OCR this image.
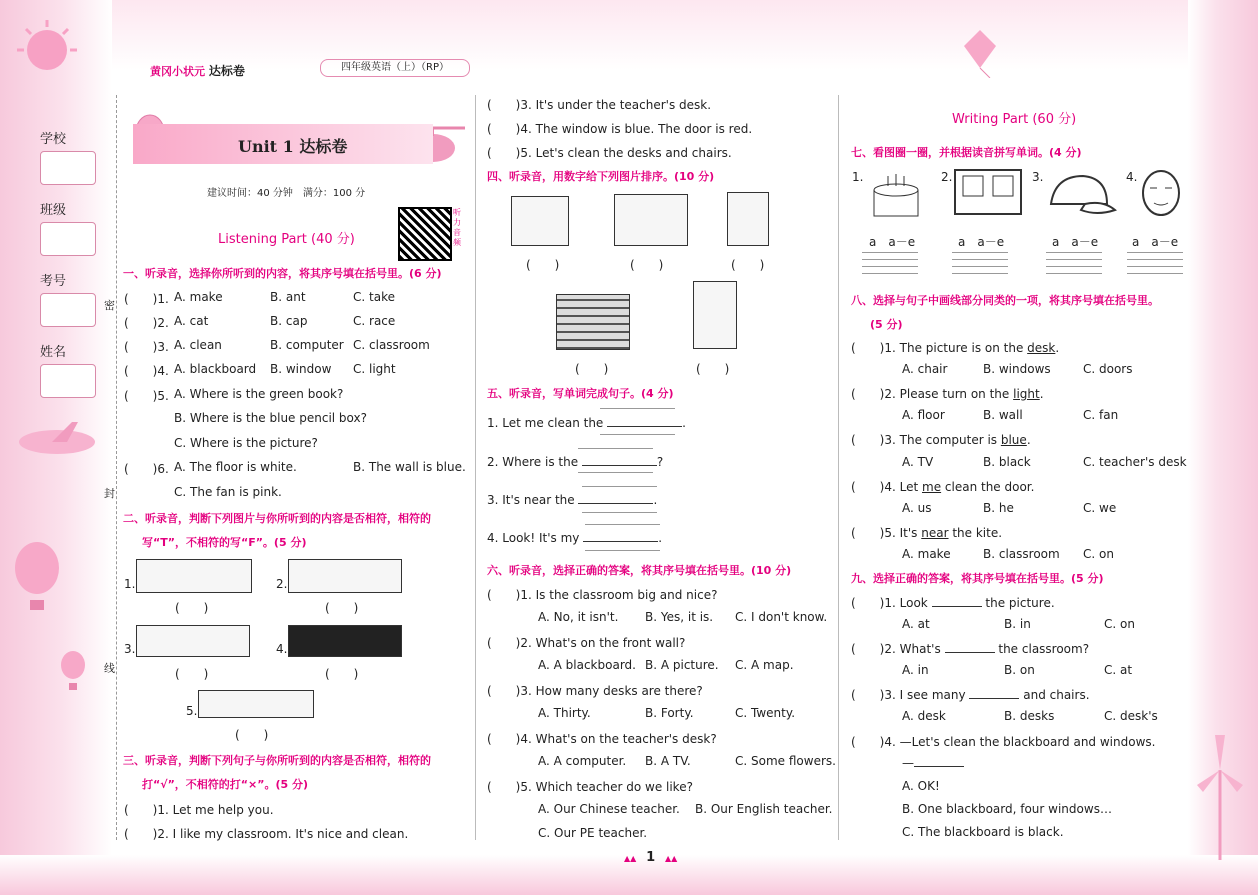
黄冈小状元 达标卷	四年级英语（上）（RP）
学校
班级
考号
姓名
密
封
线
Unit 1 达标卷
建议时间：40 分钟　满分：100 分
Listening Part (40 分)
听力音频
一、听录音，选择你所听到的内容，将其序号填在括号里。(6 分)
(　　)1. A. make	B. ant	C. take
(　　)2. A. cat	B. cap	C. race
(　　)3. A. clean	B. computer C. classroom
(　　)4. A. blackboard B. window C. light
(　　)5. A. Where is the green book?
B. Where is the blue pencil box?
C. Where is the picture?
(　　)6. A. The floor is white.	B. The wall is blue.
C. The fan is pink.
二、听录音，判断下列图片与你所听到的内容是否相符，相符的
写“T”，不相符的写“F”。(5 分)
1.
(　　)
2.
(　　)
3.
(　　)
4.
(　　)
5.
(　　)
三、听录音，判断下列句子与你所听到的内容是否相符，相符的
打“√”，不相符的打“×”。(5 分)
(　　)1. Let me help you.
(　　)2. I like my classroom. It's nice and clean.
(　　)3. It's under the teacher's desk.
(　　)4. The window is blue. The door is red.
(　　)5. Let's clean the desks and chairs.
四、听录音，用数字给下列图片排序。(10 分)
(　　)	(　　)	(　　)
(　　)	(　　)
五、听录音，写单词完成句子。(4 分)
1. Let me clean the	.
2. Where is the	?
3. It's near the	.
4. Look! It's my	.
六、听录音，选择正确的答案，将其序号填在括号里。(10 分)
(　　)1. Is the classroom big and nice?
A. No, it isn't. B. Yes, it is. C. I don't know.
(　　)2. What's on the front wall?
A. A blackboard. B. A picture. C. A map.
(　　)3. How many desks are there?
A. Thirty.	B. Forty.	C. Twenty.
(　　)4. What's on the teacher's desk?
A. A computer. B. A TV.	C. Some flowers.
(　　)5. Which teacher do we like?
A. Our Chinese teacher. B. Our English teacher.
C. Our PE teacher.
Writing Part (60 分)
七、看图圈一圈，并根据读音拼写单词。(4 分)
1.	2.	3.	4.
a　a－e	a　a－e	a　a－e	a　a－e
八、选择与句子中画线部分同类的一项，将其序号填在括号里。
(5 分)
(　　)1. The picture is on the desk.
A. chair	B. windows	C. doors
(　　)2. Please turn on the light.
A. floor	B. wall	C. fan
(　　)3. The computer is blue.
A. TV	B. black	C. teacher's desk
(　　)4. Let me clean the door.
A. us	B. he	C. we
(　　)5. It's near the kite.
A. make	B. classroom C. on
九、选择正确的答案，将其序号填在括号里。(5 分)
(　　)1. Look	the picture.
A. at	B. in	C. on
(　　)2. What's	the classroom?
A. in	B. on	C. at
(　　)3. I see many	and chairs.
A. desk	B. desks	C. desk's
(　　)4. —Let's clean the blackboard and windows.
—
A. OK!
B. One blackboard, four windows…
C. The blackboard is black.
▲▲ 1 ▲▲
